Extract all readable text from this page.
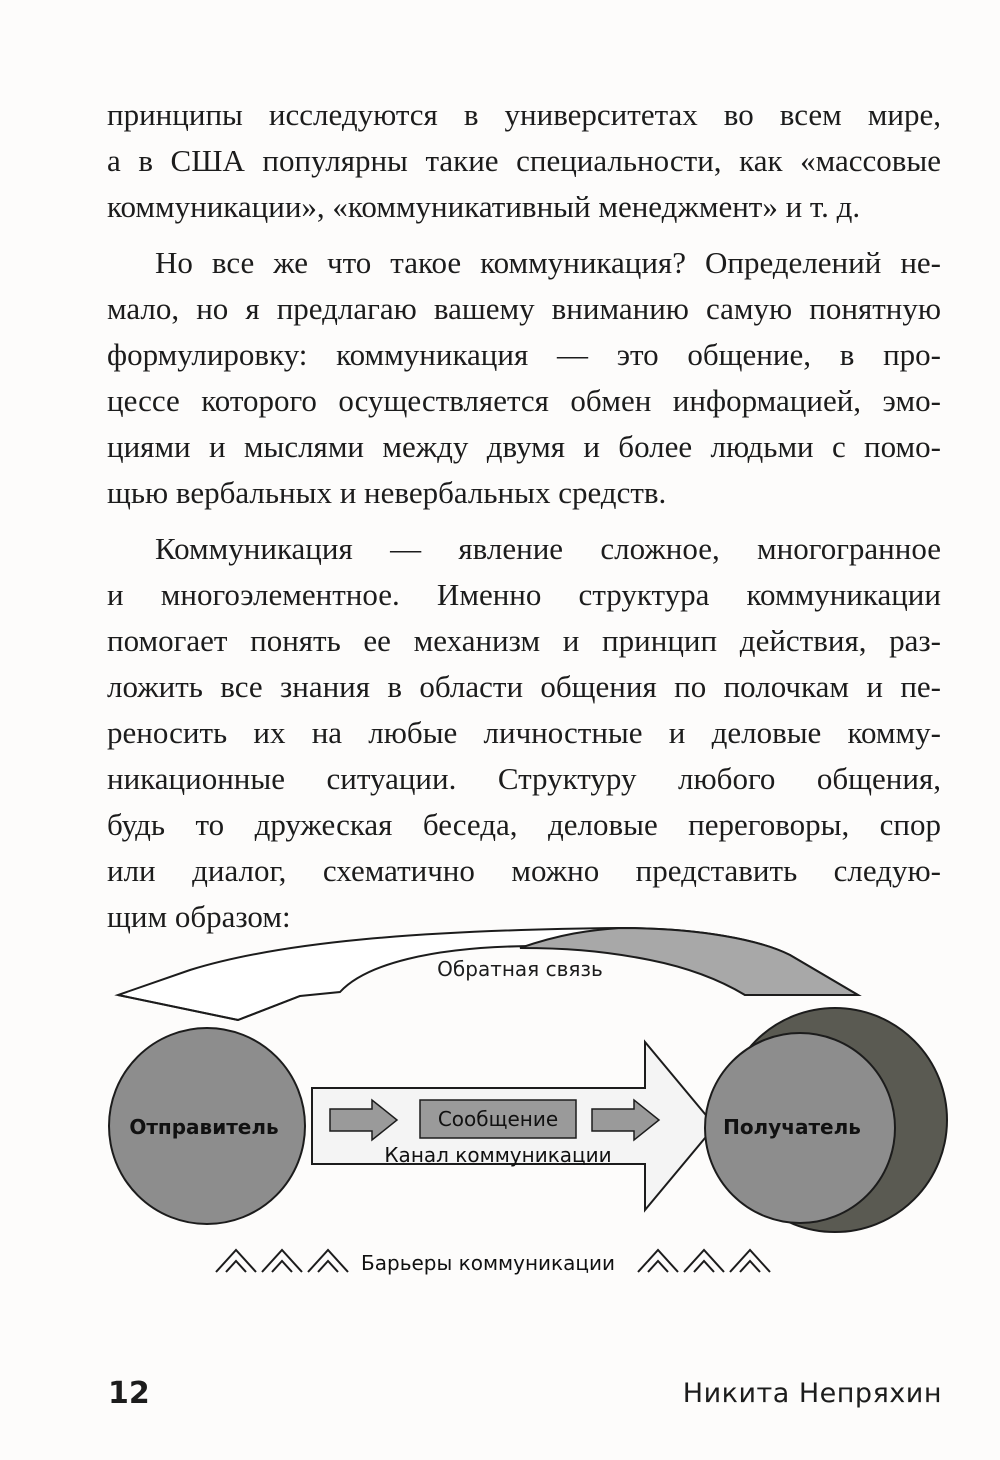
принципы исследуются в университетах во всем мире,
а в США популярны такие специальности, как «массовые
коммуникации», «коммуникативный менеджмент» и т. д.
Но все же что такое коммуникация? Определений не-
мало, но я предлагаю вашему вниманию самую понятную
формулировку: коммуникация — это общение, в про-
цессе которого осуществляется обмен информацией, эмо-
циями и мыслями между двумя и более людьми с помо-
щью вербальных и невербальных средств.
Коммуникация — явление сложное, многогранное
и многоэлементное. Именно структура коммуникации
помогает понять ее механизм и принцип действия, раз-
ложить все знания в области общения по полочкам и пе-
реносить их на любые личностные и деловые комму-
никационные ситуации. Структуру любого общения,
будь то дружеская беседа, деловые переговоры, спор
или диалог, схематично можно представить следую-
щим образом:
Обратная связь
Отправитель	Получатель
Сообщение
Канал коммуникации
Барьеры коммуникации
12	Никита Непряхин
